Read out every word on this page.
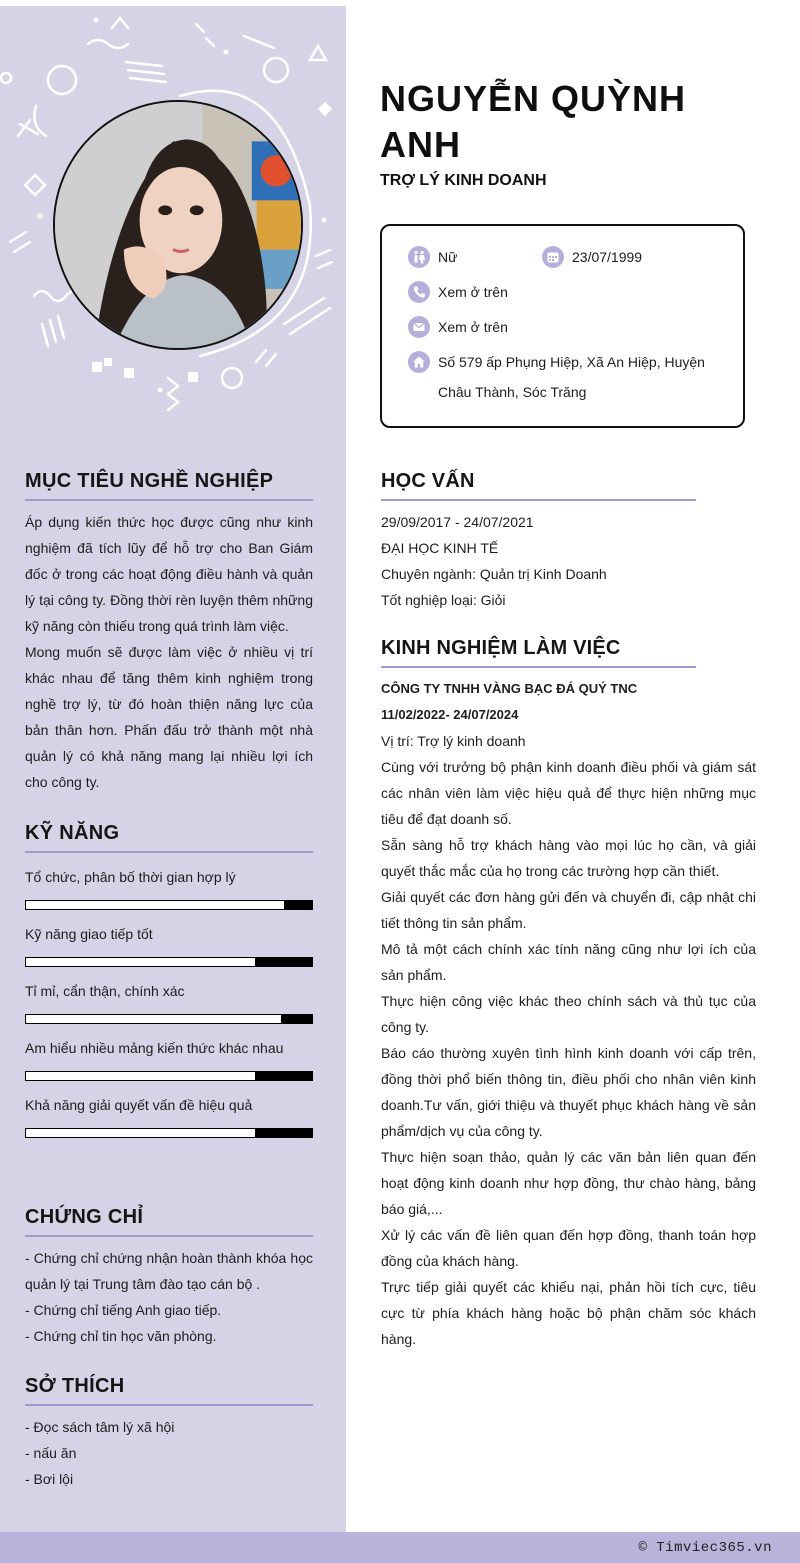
MỤC TIÊU NGHỀ NGHIỆP

Áp dụng kiến thức học được cũng như kinh nghiệm đã tích lũy để hỗ trợ cho Ban Giám đốc ở trong các hoạt động điều hành và quản lý tại công ty. Đồng thời rèn luyện thêm những kỹ năng còn thiếu trong quá trình làm việc.

Mong muốn sẽ được làm việc ở nhiều vị trí khác nhau để tăng thêm kinh nghiệm trong nghề trợ lý, từ đó hoàn thiện năng lực của bản thân hơn. Phấn đấu trở thành một nhà quản lý có khả năng mang lại nhiều lợi ích cho công ty.

KỸ NĂNG
Tổ chức, phân bố thời gian hợp lý
Kỹ năng giao tiếp tốt
Tỉ mỉ, cẩn thận, chính xác
Am hiểu nhiều mảng kiến thức khác nhau
Khả năng giải quyết vấn đề hiệu quả
CHỨNG CHỈ
- Chứng chỉ chứng nhận hoàn thành khóa học quản lý tại Trung tâm đào tạo cán bộ .
- Chứng chỉ tiếng Anh giao tiếp.
- Chứng chỉ tin học văn phòng.
SỞ THÍCH
- Đọc sách tâm lý xã hội
- nấu ăn
- Bơi lội
NGUYỄN QUỲNH ANH
TRỢ LÝ KINH DOANH
Nữ	23/07/1999
Xem ở trên
Xem ở trên
Số 579 ấp Phụng Hiệp, Xã An Hiệp, Huyện
Châu Thành, Sóc Trăng
HỌC VẤN
29/09/2017 - 24/07/2021
ĐẠI HỌC KINH TẾ
Chuyên ngành: Quản trị Kinh Doanh
Tốt nghiệp loại: Giỏi
KINH NGHIỆM LÀM VIỆC
CÔNG TY TNHH VÀNG BẠC ĐÁ QUÝ TNC
11/02/2022- 24/07/2024
Vị trí: Trợ lý kinh doanh
Cùng với trưởng bộ phận kinh doanh điều phối và giám sát các nhân viên làm việc hiệu quả để thực hiện những mục tiêu để đạt doanh số.
Sẵn sàng hỗ trợ khách hàng vào mọi lúc họ cần, và giải quyết thắc mắc của họ trong các trường hợp cần thiết.
Giải quyết các đơn hàng gửi đến và chuyển đi, cập nhật chi tiết thông tin sản phẩm.
Mô tả một cách chính xác tính năng cũng như lợi ích của sản phẩm.
Thực hiện công việc khác theo chính sách và thủ tục của công ty.
Báo cáo thường xuyên tình hình kinh doanh với cấp trên, đồng thời phổ biến thông tin, điều phối cho nhân viên kinh doanh.Tư vấn, giới thiệu và thuyết phục khách hàng về sản phẩm/dịch vụ của công ty.
Thực hiện soạn thảo, quản lý các văn bản liên quan đến hoạt động kinh doanh như hợp đồng, thư chào hàng, bảng báo giá,...
Xử lý các vấn đề liên quan đến hợp đồng, thanh toán hợp đồng của khách hàng.
Trực tiếp giải quyết các khiếu nại, phản hồi tích cực, tiêu cực từ phía khách hàng hoặc bộ phận chăm sóc khách hàng.
© Timviec365.vn
